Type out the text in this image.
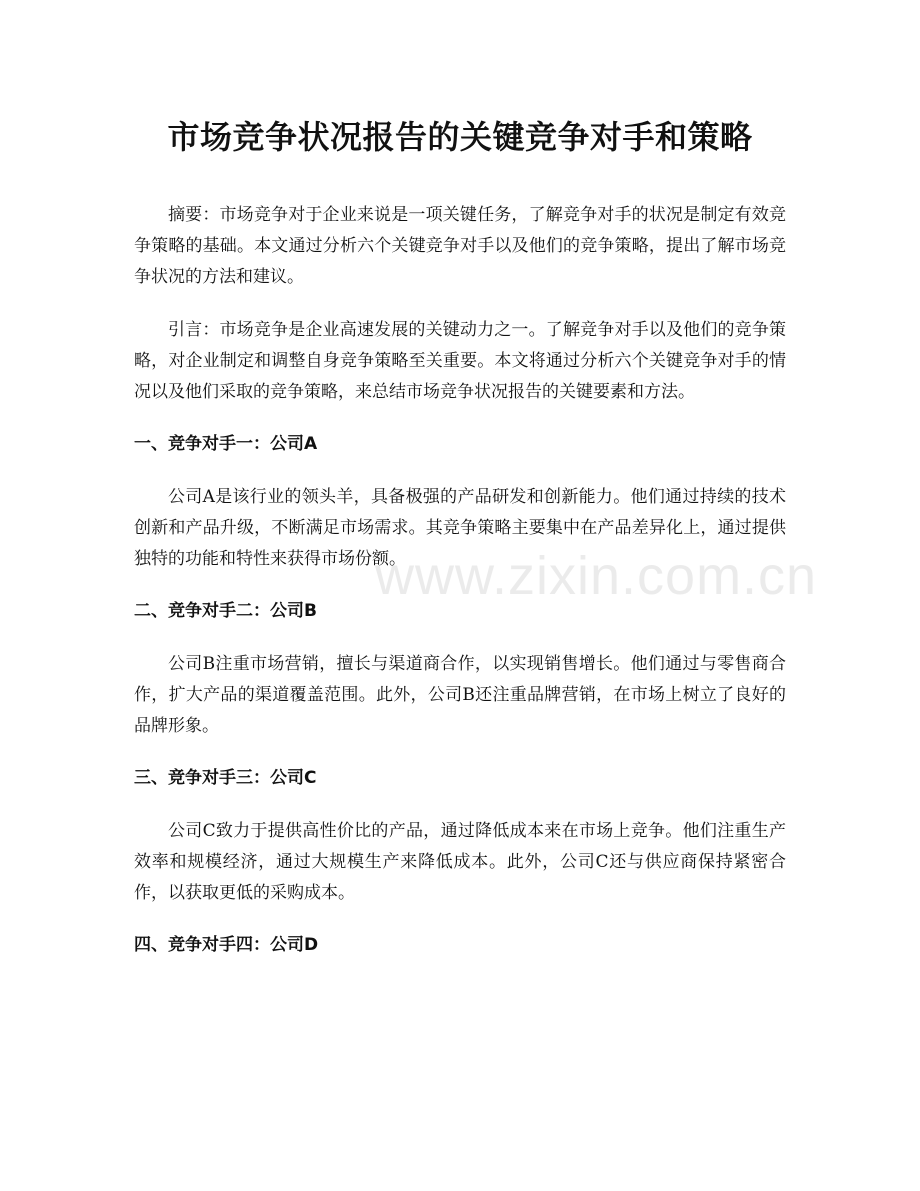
市场竞争状况报告的关键竞争对手和策略

摘要：市场竞争对于企业来说是一项关键任务，了解竞争对手的状况是制定有效竞争策略的基础。本文通过分析六个关键竞争对手以及他们的竞争策略，提出了解市场竞争状况的方法和建议。

引言：市场竞争是企业高速发展的关键动力之一。了解竞争对手以及他们的竞争策略，对企业制定和调整自身竞争策略至关重要。本文将通过分析六个关键竞争对手的情况以及他们采取的竞争策略，来总结市场竞争状况报告的关键要素和方法。

一、竞争对手一：公司A

公司A是该行业的领头羊，具备极强的产品研发和创新能力。他们通过持续的技术创新和产品升级，不断满足市场需求。其竞争策略主要集中在产品差异化上，通过提供独特的功能和特性来获得市场份额。

二、竞争对手二：公司B

公司B注重市场营销，擅长与渠道商合作，以实现销售增长。他们通过与零售商合作，扩大产品的渠道覆盖范围。此外，公司B还注重品牌营销，在市场上树立了良好的品牌形象。

三、竞争对手三：公司C

公司C致力于提供高性价比的产品，通过降低成本来在市场上竞争。他们注重生产效率和规模经济，通过大规模生产来降低成本。此外，公司C还与供应商保持紧密合作，以获取更低的采购成本。

四、竞争对手四：公司D
www.zixin.com.cn
